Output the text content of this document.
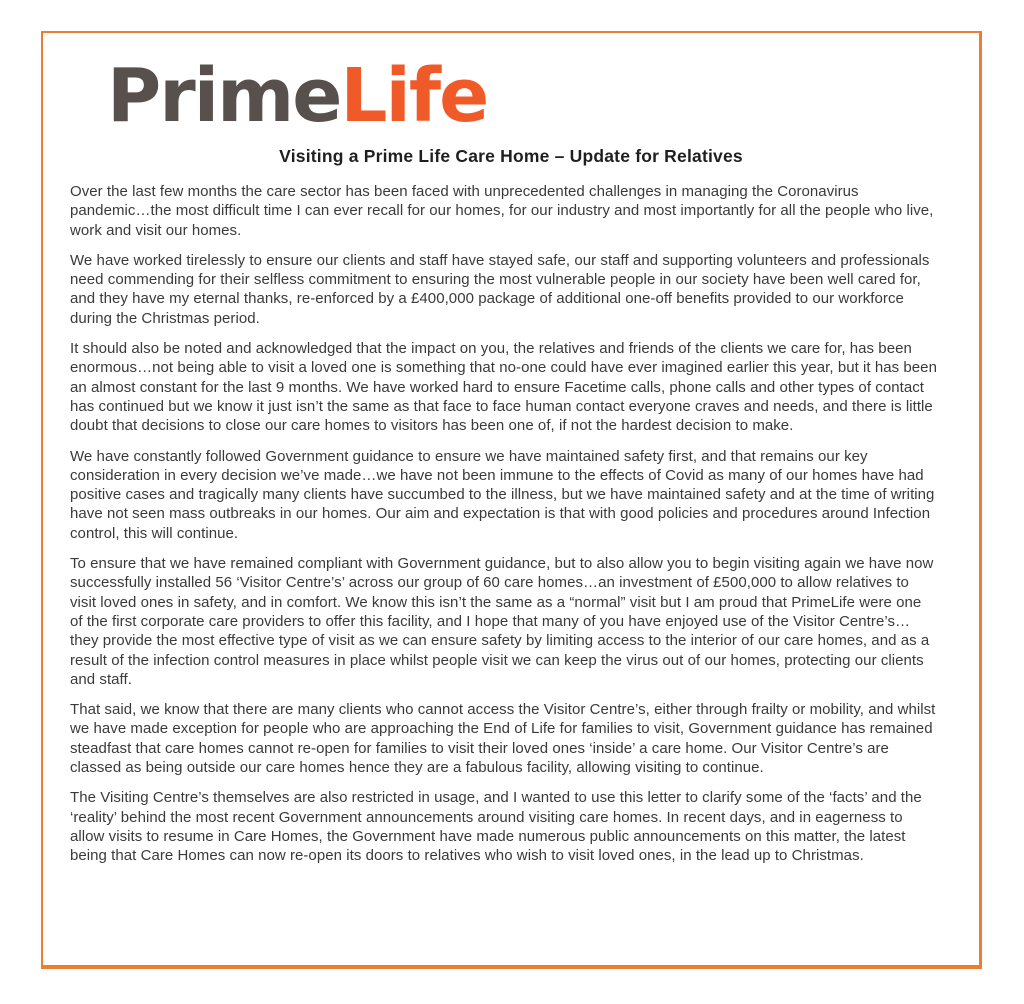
PrimeLife
Visiting a Prime Life Care Home – Update for Relatives

Over the last few months the care sector has been faced with unprecedented challenges in managing the Coronavirus pandemic…the most difficult time I can ever recall for our homes, for our industry and most importantly for all the people who live, work and visit our homes.

We have worked tirelessly to ensure our clients and staff have stayed safe, our staff and supporting volunteers and professionals need commending for their selfless commitment to ensuring the most vulnerable people in our society have been well cared for, and they have my eternal thanks, re-enforced by a £400,000 package of additional one-off benefits provided to our workforce during the Christmas period.

It should also be noted and acknowledged that the impact on you, the relatives and friends of the clients we care for, has been enormous…not being able to visit a loved one is something that no-one could have ever imagined earlier this year, but it has been an almost constant for the last 9 months. We have worked hard to ensure Facetime calls, phone calls and other types of contact has continued but we know it just isn’t the same as that face to face human contact everyone craves and needs, and there is little doubt that decisions to close our care homes to visitors has been one of, if not the hardest decision to make.

We have constantly followed Government guidance to ensure we have maintained safety first, and that remains our key consideration in every decision we’ve made…we have not been immune to the effects of Covid as many of our homes have had positive cases and tragically many clients have succumbed to the illness, but we have maintained safety and at the time of writing have not seen mass outbreaks in our homes. Our aim and expectation is that with good policies and procedures around Infection control, this will continue.

To ensure that we have remained compliant with Government guidance, but to also allow you to begin visiting again we have now successfully installed 56 ‘Visitor Centre’s’ across our group of 60 care homes…an investment of £500,000 to allow relatives to visit loved ones in safety, and in comfort. We know this isn’t the same as a “normal” visit but I am proud that PrimeLife were one of the first corporate care providers to offer this facility, and I hope that many of you have enjoyed use of the Visitor Centre’s…they provide the most effective type of visit as we can ensure safety by limiting access to the interior of our care homes, and as a result of the infection control measures in place whilst people visit we can keep the virus out of our homes, protecting our clients and staff.

That said, we know that there are many clients who cannot access the Visitor Centre’s, either through frailty or mobility, and whilst we have made exception for people who are approaching the End of Life for families to visit, Government guidance has remained steadfast that care homes cannot re-open for families to visit their loved ones ‘inside’ a care home. Our Visitor Centre’s are classed as being outside our care homes hence they are a fabulous facility, allowing visiting to continue.

The Visiting Centre’s themselves are also restricted in usage, and I wanted to use this letter to clarify some of the ‘facts’ and the ‘reality’ behind the most recent Government announcements around visiting care homes. In recent days, and in eagerness to allow visits to resume in Care Homes, the Government have made numerous public announcements on this matter, the latest being that Care Homes can now re-open its doors to relatives who wish to visit loved ones, in the lead up to Christmas.
